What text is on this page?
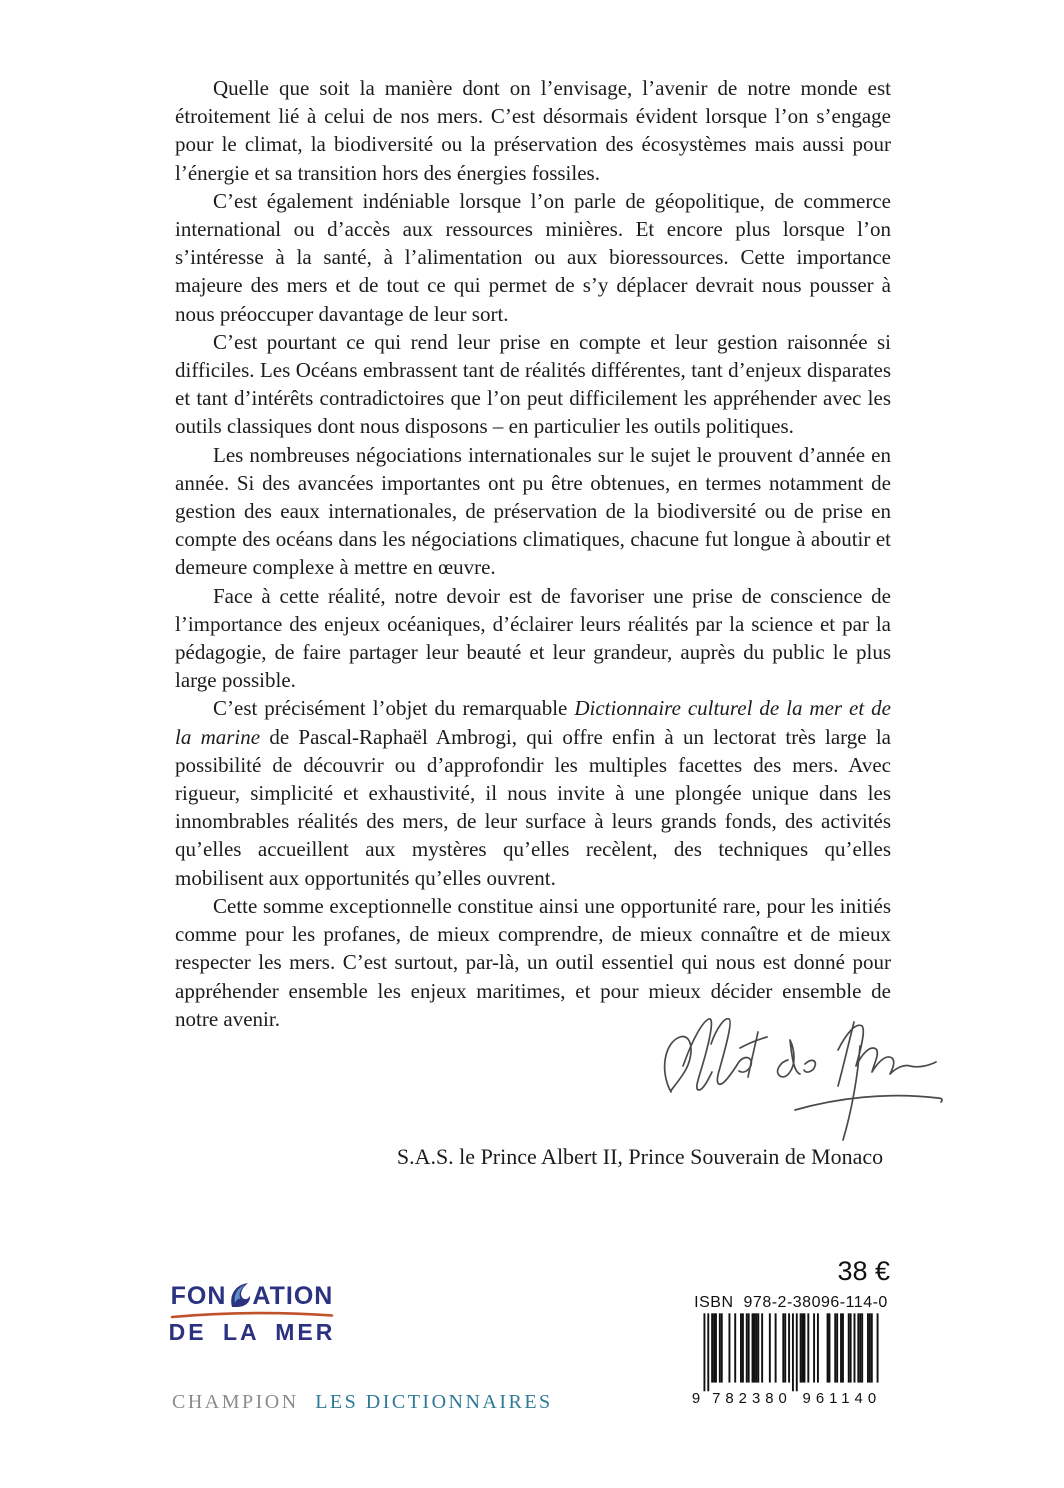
Quelle que soit la manière dont on l’envisage, l’avenir de notre monde est étroitement lié à celui de nos mers. C’est désormais évident lorsque l’on s’engage pour le climat, la biodiversité ou la préservation des écosystèmes mais aussi pour l’énergie et sa transition hors des énergies fossiles.

C’est également indéniable lorsque l’on parle de géopolitique, de commerce international ou d’accès aux ressources minières. Et encore plus lorsque l’on s’intéresse à la santé, à l’alimentation ou aux bioressources. Cette importance majeure des mers et de tout ce qui permet de s’y déplacer devrait nous pousser à nous préoccuper davantage de leur sort.

C’est pourtant ce qui rend leur prise en compte et leur gestion raisonnée si difficiles. Les Océans embrassent tant de réalités différentes, tant d’enjeux disparates et tant d’intérêts contradictoires que l’on peut difficilement les appréhender avec les outils classiques dont nous disposons – en particulier les outils politiques.

Les nombreuses négociations internationales sur le sujet le prouvent d’année en année. Si des avancées importantes ont pu être obtenues, en termes notamment de gestion des eaux internationales, de préservation de la biodiversité ou de prise en compte des océans dans les négociations climatiques, chacune fut longue à aboutir et demeure complexe à mettre en œuvre.

Face à cette réalité, notre devoir est de favoriser une prise de conscience de l’importance des enjeux océaniques, d’éclairer leurs réalités par la science et par la pédagogie, de faire partager leur beauté et leur grandeur, auprès du public le plus large possible.

C’est précisément l’objet du remarquable Dictionnaire culturel de la mer et de la marine de Pascal-Raphaël Ambrogi, qui offre enfin à un lectorat très large la possibilité de découvrir ou d’approfondir les multiples facettes des mers. Avec rigueur, simplicité et exhaustivité, il nous invite à une plongée unique dans les innombrables réalités des mers, de leur surface à leurs grands fonds, des activités qu’elles accueillent aux mystères qu’elles recèlent, des techniques qu’elles mobilisent aux opportunités qu’elles ouvrent.

Cette somme exceptionnelle constitue ainsi une opportunité rare, pour les initiés comme pour les profanes, de mieux comprendre, de mieux connaître et de mieux respecter les mers. C’est surtout, par-là, un outil essentiel qui nous est donné pour appréhender ensemble les enjeux maritimes, et pour mieux décider ensemble de notre avenir.

S.A.S. le Prince Albert II, Prince Souverain de Monaco
FON ATION
DE LA MER
38 €
ISBN 978-2-38096-114-0
9 782380 961140
CHAMPION LES DICTIONNAIRES
